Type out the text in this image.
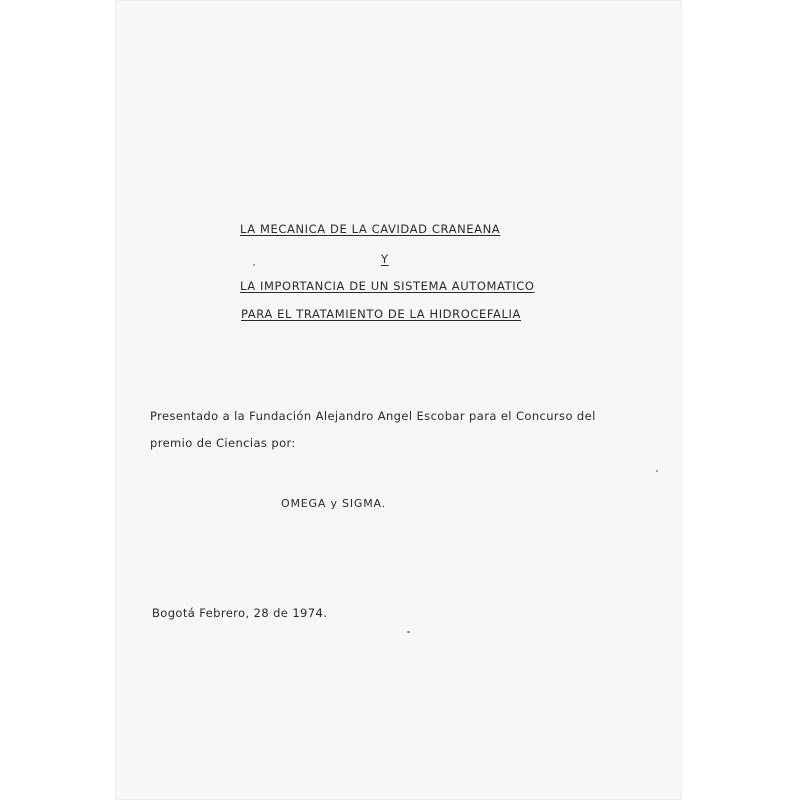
LA MECANICA DE LA CAVIDAD CRANEANA
Y
LA IMPORTANCIA DE UN SISTEMA AUTOMATICO
PARA EL TRATAMIENTO DE LA HIDROCEFALIA
Presentado a la Fundación Alejandro Angel Escobar para el Concurso del
premio de Ciencias por:
OMEGA y SIGMA.
Bogotá Febrero, 28 de 1974.
